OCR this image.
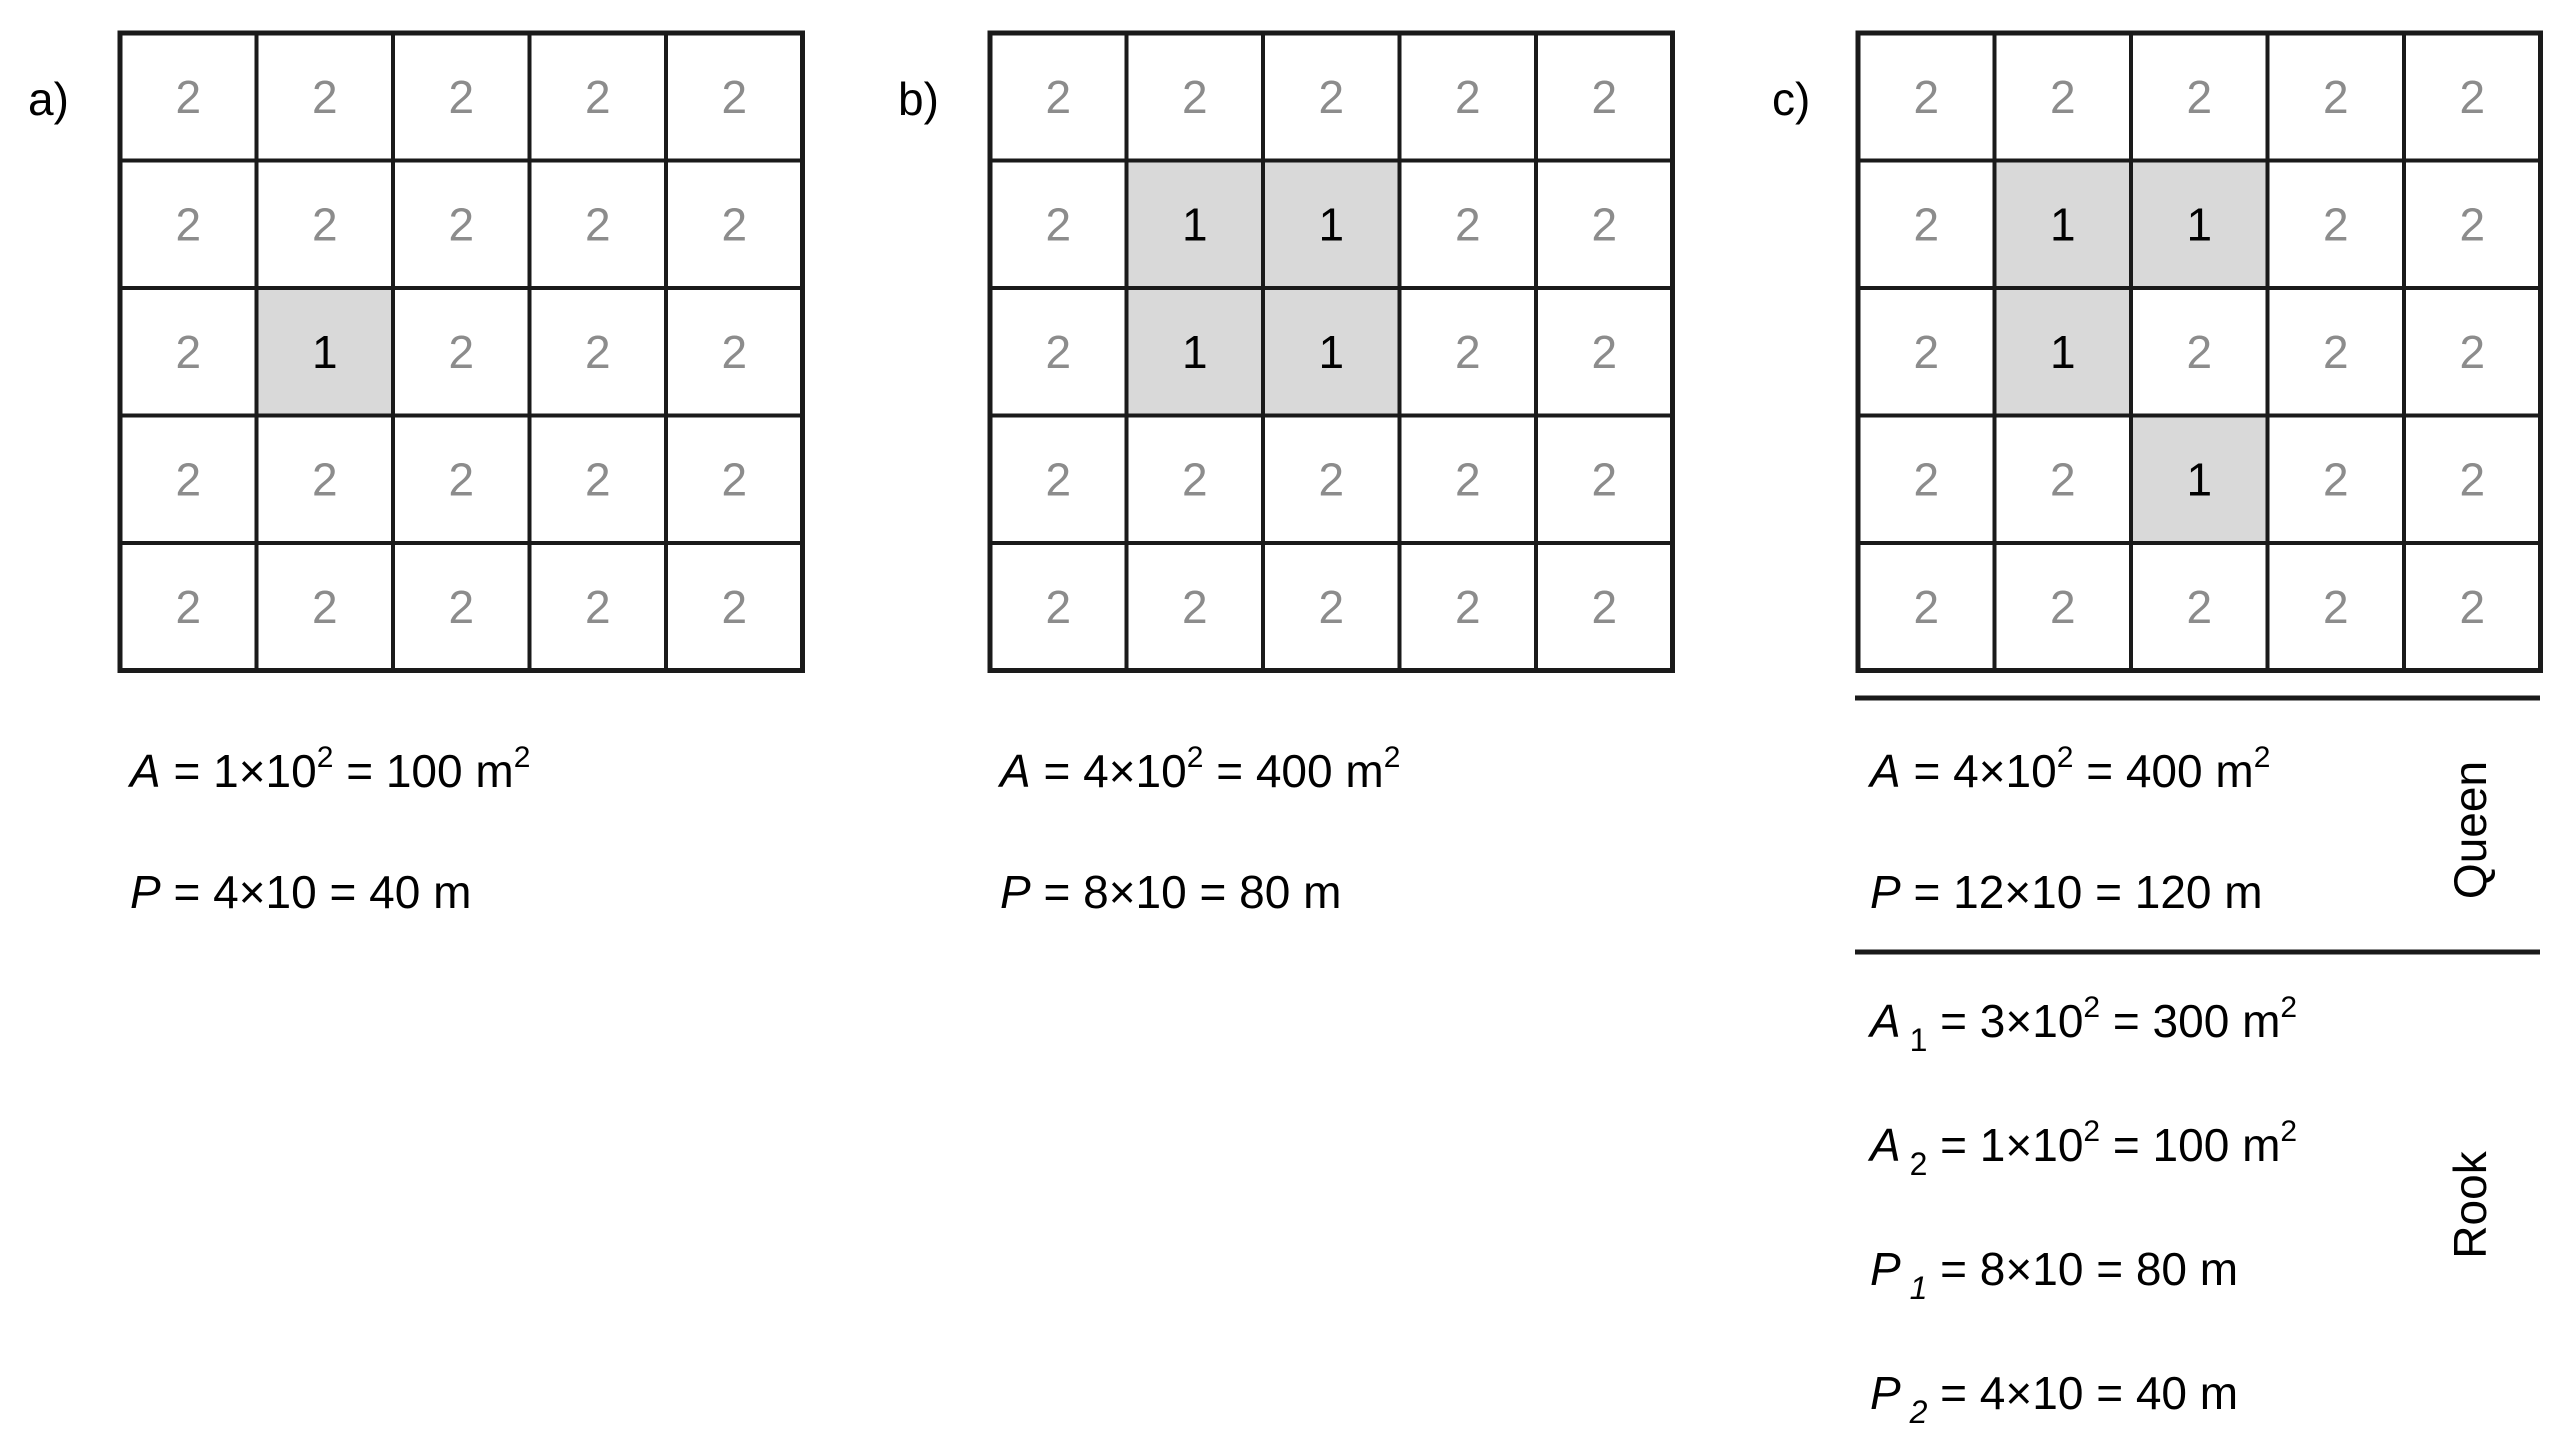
a) 2 2 2 2 2
2 2 2 2 2
2 1 2 2 2
2 2 2 2 2
2 2 2 2 2
$A = 1\times 10^2 = 100$ $m^2$
P = 4×10 = 40 m
b) 2 2 2 2 2
2 1 1 2 2
2 1 1 2 2
2 2 2 2 2
2 2 2 2 2
$A = 4\times 10^2 = 400$ $m^2$
P = 8×10 = 80 m
c) 2 2 2 2 2
2 1 1 2 2
2 1 2 2 2
2 2 1 2 2
2 2 2 2 2
$A = 4\times 10^2 = 400$ $m^2$
P = 12×10 = 120 m	Queen
A $_1 = 3\times 10^2 = 300$ $m^2$
A $_2 = 1\times 10^2 = 100$ $m^2$
P $_1$ = 8×10 = 80 m
P $_2$ = 4×10 = 40 m
Rook
